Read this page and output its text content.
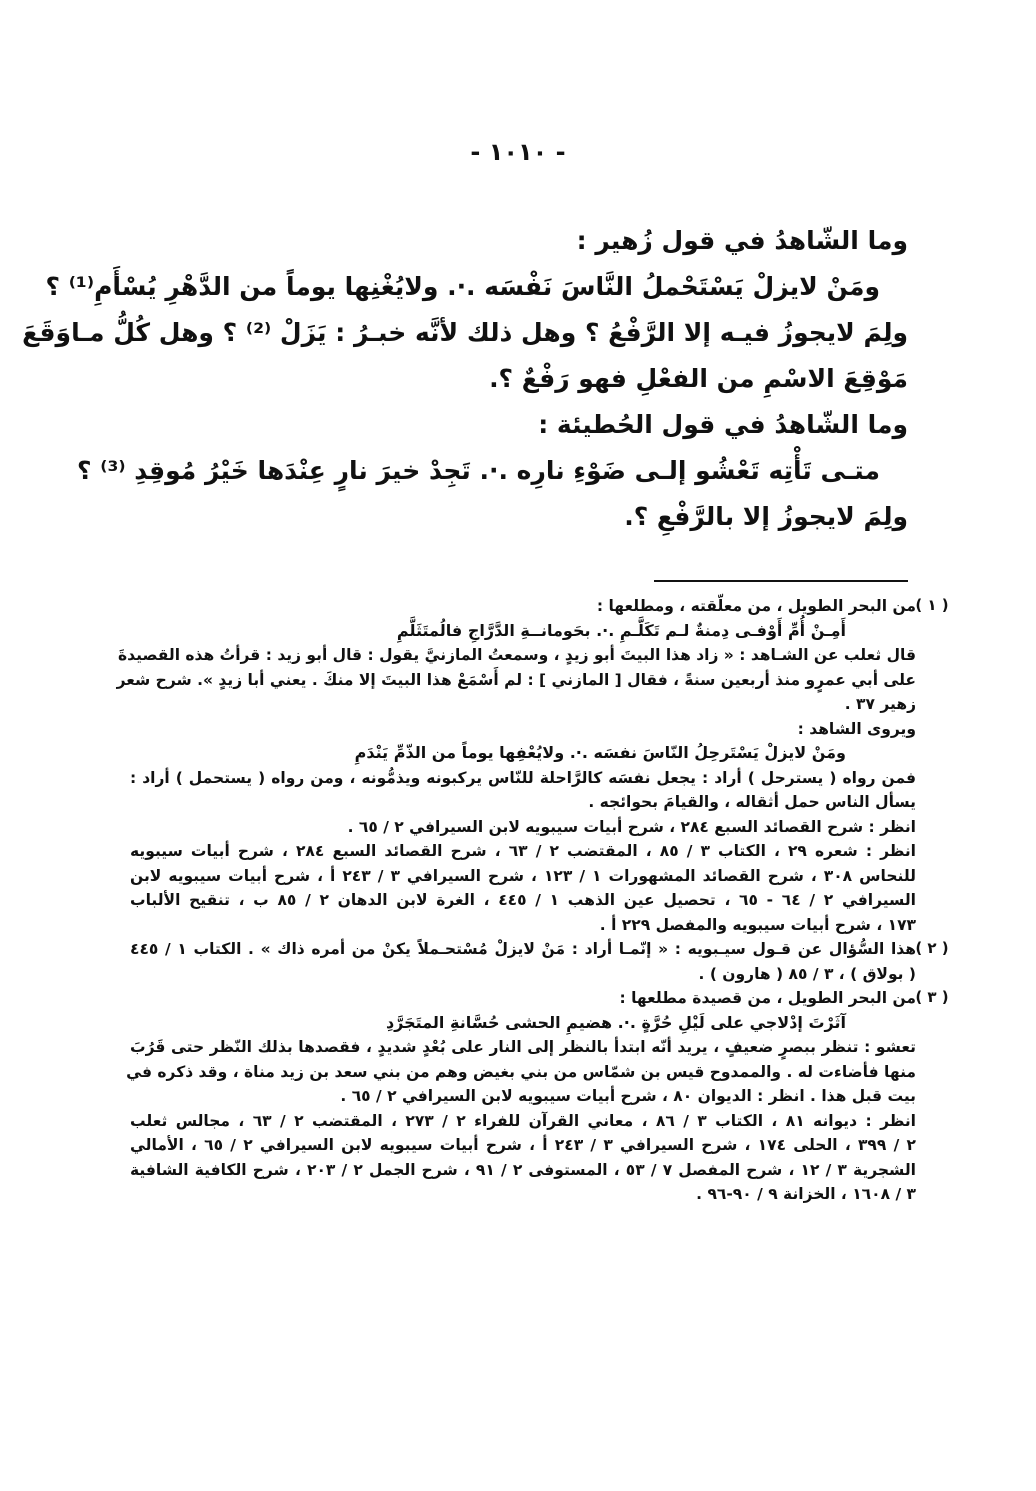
- ١٠١٠ -
وما الشّاهدُ في قول زُهير :
ومَنْ لايزلْ يَسْتَحْملُ النَّاسَ نَفْسَه .·. ولايُغْنِها يوماً من الدَّهْرِ يُسْأَمِ⁽¹⁾ ؟
ولِمَ لايجوزُ فيـه إلا الرَّفْعُ ؟ وهل ذلك لأنَّه خبـرُ : يَزَلْ ⁽²⁾ ؟ وهل كُلُّ مـاوَقَعَ
مَوْقِعَ الاسْمِ من الفعْلِ فهو رَفْعٌ ؟.
وما الشّاهدُ في قول الحُطيئة :
متـى تَأْتِه تَعْشُو إلـى ضَوْءِ نارِه .·. تَجِدْ خيرَ نارٍ عِنْدَها خَيْرُ مُوقِدِ ⁽³⁾ ؟
ولِمَ لايجوزُ إلا بالرَّفْعِ ؟.
( ١ )
من البحر الطويل ، من معلّقته ، ومطلعها :
أَمِـنْ أُمِّ أَوْفـى دِمنةٌ لـم تَكَلَّـمِ .·. بحَومانــةِ الدَّرَّاجِ فالُمتَثَلَّمِ
قال ثعلب عن الشـاهد : « زاد هذا البيتَ أبو زيدٍ ، وسمعتُ المازنيَّ يقول : قال أبو زيد : قرأتُ هذه القصيدةَ
على أبي عمرٍو منذ أربعين سنةً ، فقال [ المازني ] : لم أَسْمَعْ هذا البيتَ إلا منكَ . يعني أبا زيدٍ ». شرح شعر
زهير ٣٧ .
ويروى الشاهد :
ومَنْ لايزلْ يَسْتَرحِلُ النّاسَ نفسَه .·. ولايُعْفِها يوماً من الذّمِّ يَنْدَمِ
فمن رواه ( يسترحل ) أراد : يجعل نفسَه كالرَّاحلة للنّاس يركبونه ويذمُّونه ، ومن رواه ( يستحمل ) أراد :
يسأل الناس حمل أثقاله ، والقيامَ بحوائجه .
انظر : شرح القصائد السبع ٢٨٤ ، شرح أبيات سيبويه لابن السيرافي ٢ / ٦٥ .
انظر : شعره ٢٩ ، الكتاب ٣ / ٨٥ ، المقتضب ٢ / ٦٣ ، شرح القصائد السبع ٢٨٤ ، شرح أبيات سيبويه
للنحاس ٣٠٨ ، شرح القصائد المشهورات ١ / ١٢٣ ، شرح السيرافي ٣ / ٢٤٣ أ ، شرح أبيات سيبويه لابن
السيرافي ٢ / ٦٤ - ٦٥ ، تحصيل عين الذهب ١ / ٤٤٥ ، الغرة لابن الدهان ٢ / ٨٥ ب ، تنقيح الألباب
١٧٣ ، شرح أبيات سيبويه والمفصل ٢٢٩ أ .
( ٢ )
هذا السُّؤال عن قـول سيـبويه : « إنّمـا أراد : مَنْ لايزلْ مُسْتحـملاً يكنْ من أمره ذاك » . الكتاب ١ / ٤٤٥
( بولاق ) ، ٣ / ٨٥ ( هارون ) .
( ٣ )
من البحر الطويل ، من قصيدة مطلعها :
آثَرْتَ إدْلاجي على لَيْلِ حُرَّةٍ .·. هضيمِ الحشى حُسَّانةِ المتَجَرَّدِ
تعشو : تنظر ببصرٍ ضعيفٍ ، يريد أنّه ابتدأ بالنظر إلى النار على بُعْدٍ شديدٍ ، فقصدها بذلك النّظر حتى قَرُبَ
منها فأضاءت له . والممدوح قيس بن شمّاس من بني بغيض وهم من بني سعد بن زيد مناة ، وقد ذكره في
بيت قبل هذا . انظر : الديوان ٨٠ ، شرح أبيات سيبويه لابن السيرافي ٢ / ٦٥ .
انظر : ديوانه ٨١ ، الكتاب ٣ / ٨٦ ، معاني القرآن للفراء ٢ / ٢٧٣ ، المقتضب ٢ / ٦٣ ، مجالس ثعلب
٢ / ٣٩٩ ، الحلى ١٧٤ ، شرح السيرافي ٣ / ٢٤٣ أ ، شرح أبيات سيبويه لابن السيرافي ٢ / ٦٥ ، الأمالي
الشجرية ٣ / ١٢ ، شرح المفصل ٧ / ٥٣ ، المستوفى ٢ / ٩١ ، شرح الجمل ٢ / ٢٠٣ ، شرح الكافية الشافية
٣ / ١٦٠٨ ، الخزانة ٩ / ٩٠-٩٦ .
